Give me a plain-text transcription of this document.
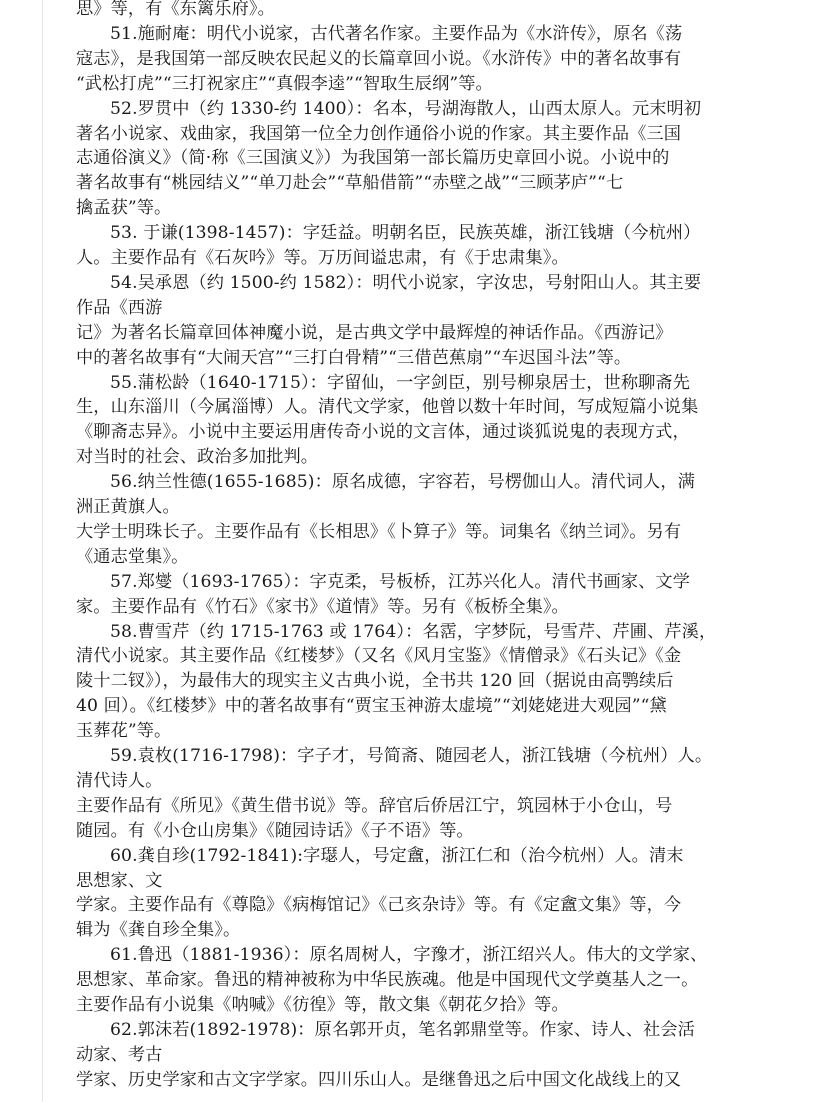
思》等，有《东篱乐府》。
51.施耐庵：明代小说家，古代著名作家。主要作品为《水浒传》，原名《荡
寇志》，是我国第一部反映农民起义的长篇章回小说。《水浒传》中的著名故事有
“武松打虎”“三打祝家庄”“真假李逵”“智取生辰纲”等。
52.罗贯中（约 1330-约 1400）：名本，号湖海散人，山西太原人。元末明初
著名小说家、戏曲家，我国第一位全力创作通俗小说的作家。其主要作品《三国
志通俗演义》（简·称《三国演义》）为我国第一部长篇历史章回小说。小说中的
著名故事有“桃园结义”“单刀赴会”“草船借箭”“赤壁之战”“三顾茅庐”“七
擒孟获”等。
53. 于谦(1398-1457)：字廷益。明朝名臣，民族英雄，浙江钱塘（今杭州）
人。主要作品有《石灰吟》等。万历间谥忠肃，有《于忠肃集》。
54.吴承恩（约 1500-约 1582）：明代小说家，字汝忠，号射阳山人。其主要
作品《西游
记》为著名长篇章回体神魔小说，是古典文学中最辉煌的神话作品。《西游记》
中的著名故事有“大闹天宫”“三打白骨精”“三借芭蕉扇”“车迟国斗法”等。
55.蒲松龄（1640-1715）：字留仙，一字剑臣，别号柳泉居士，世称聊斋先
生，山东淄川（今属淄博）人。清代文学家，他曾以数十年时间，写成短篇小说集
《聊斋志异》。小说中主要运用唐传奇小说的文言体，通过谈狐说鬼的表现方式，
对当时的社会、政治多加批判。
56.纳兰性德(1655-1685)：原名成德，字容若，号楞伽山人。清代词人，满
洲正黄旗人。
大学士明珠长子。主要作品有《长相思》《卜算子》等。词集名《纳兰词》。另有
《通志堂集》。
57.郑燮（1693-1765）：字克柔，号板桥，江苏兴化人。清代书画家、文学
家。主要作品有《竹石》《家书》《道情》等。另有《板桥全集》。
58.曹雪芹（约 1715-1763 或 1764）：名霑，字梦阮，号雪芹、芹圃、芹溪，
清代小说家。其主要作品《红楼梦》（又名《风月宝鉴》《情僧录》《石头记》《金
陵十二钗》），为最伟大的现实主义古典小说，全书共 120 回（据说由高鹗续后
40 回）。《红楼梦》中的著名故事有“贾宝玉神游太虚境”“刘姥姥进大观园”“黛
玉葬花”等。
59.袁枚(1716-1798)：字子才，号简斋、随园老人，浙江钱塘（今杭州）人。
清代诗人。
主要作品有《所见》《黄生借书说》等。辞官后侨居江宁，筑园林于小仓山，号
随园。有《小仓山房集》《随园诗话》《子不语》等。
60.龚自珍(1792-1841):字璱人，号定盦，浙江仁和（治今杭州）人。清末
思想家、文
学家。主要作品有《尊隐》《病梅馆记》《己亥杂诗》等。有《定盦文集》等，今
辑为《龚自珍全集》。
61.鲁迅（1881-1936）：原名周树人，字豫才，浙江绍兴人。伟大的文学家、
思想家、革命家。鲁迅的精神被称为中华民族魂。他是中国现代文学奠基人之一。
主要作品有小说集《呐喊》《彷徨》等，散文集《朝花夕拾》等。
62.郭沫若(1892-1978)：原名郭开贞，笔名郭鼎堂等。作家、诗人、社会活
动家、考古
学家、历史学家和古文字学家。四川乐山人。是继鲁迅之后中国文化战线上的又
